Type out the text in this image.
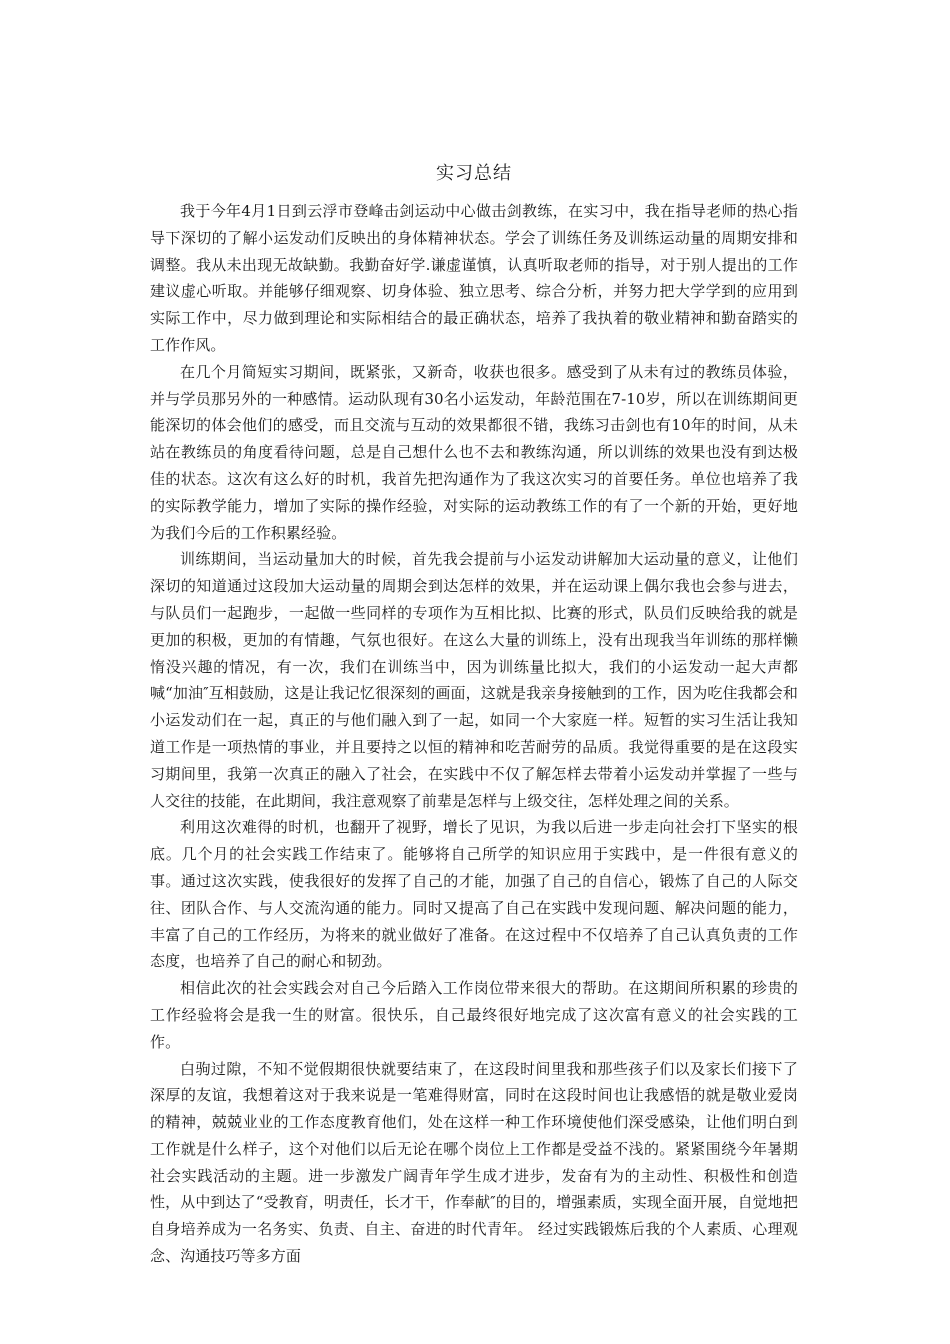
实习总结

我于今年4月1日到云浮市登峰击剑运动中心做击剑教练，在实习中，我在指导老师的热心指导下深切的了解小运发动们反映出的身体精神状态。学会了训练任务及训练运动量的周期安排和调整。我从未出现无故缺勤。我勤奋好学.谦虚谨慎，认真听取老师的指导，对于别人提出的工作建议虚心听取。并能够仔细观察、切身体验、独立思考、综合分析，并努力把大学学到的应用到实际工作中，尽力做到理论和实际相结合的最正确状态，培养了我执着的敬业精神和勤奋踏实的工作作风。

在几个月简短实习期间，既紧张，又新奇，收获也很多。感受到了从未有过的教练员体验，并与学员那另外的一种感情。运动队现有30名小运发动，年龄范围在7-10岁，所以在训练期间更能深切的体会他们的感受，而且交流与互动的效果都很不错，我练习击剑也有10年的时间，从未站在教练员的角度看待问题，总是自己想什么也不去和教练沟通，所以训练的效果也没有到达极佳的状态。这次有这么好的时机，我首先把沟通作为了我这次实习的首要任务。单位也培养了我的实际教学能力，增加了实际的操作经验，对实际的运动教练工作的有了一个新的开始，更好地为我们今后的工作积累经验。

训练期间，当运动量加大的时候，首先我会提前与小运发动讲解加大运动量的意义，让他们深切的知道通过这段加大运动量的周期会到达怎样的效果，并在运动课上偶尔我也会参与进去，与队员们一起跑步，一起做一些同样的专项作为互相比拟、比赛的形式，队员们反映给我的就是更加的积极，更加的有情趣，气氛也很好。在这么大量的训练上，没有出现我当年训练的那样懒惰没兴趣的情况，有一次，我们在训练当中，因为训练量比拟大，我们的小运发动一起大声都喊“加油″互相鼓励，这是让我记忆很深刻的画面，这就是我亲身接触到的工作，因为吃住我都会和小运发动们在一起，真正的与他们融入到了一起，如同一个大家庭一样。短暂的实习生活让我知道工作是一项热情的事业，并且要持之以恒的精神和吃苦耐劳的品质。我觉得重要的是在这段实习期间里，我第一次真正的融入了社会，在实践中不仅了解怎样去带着小运发动并掌握了一些与人交往的技能，在此期间，我注意观察了前辈是怎样与上级交往，怎样处理之间的关系。

利用这次难得的时机，也翻开了视野，增长了见识，为我以后进一步走向社会打下坚实的根底。几个月的社会实践工作结束了。能够将自己所学的知识应用于实践中，是一件很有意义的事。通过这次实践，使我很好的发挥了自己的才能，加强了自己的自信心，锻炼了自己的人际交往、团队合作、与人交流沟通的能力。同时又提高了自己在实践中发现问题、解决问题的能力，丰富了自己的工作经历，为将来的就业做好了准备。在这过程中不仅培养了自己认真负责的工作态度，也培养了自己的耐心和韧劲。

相信此次的社会实践会对自己今后踏入工作岗位带来很大的帮助。在这期间所积累的珍贵的工作经验将会是我一生的财富。很快乐，自己最终很好地完成了这次富有意义的社会实践的工作。

白驹过隙，不知不觉假期很快就要结束了，在这段时间里我和那些孩子们以及家长们接下了深厚的友谊，我想着这对于我来说是一笔难得财富，同时在这段时间也让我感悟的就是敬业爱岗的精神，兢兢业业的工作态度教育他们，处在这样一种工作环境使他们深受感染，让他们明白到工作就是什么样子，这个对他们以后无论在哪个岗位上工作都是受益不浅的。紧紧围绕今年暑期社会实践活动的主题。进一步激发广阔青年学生成才进步，发奋有为的主动性、积极性和创造性，从中到达了“受教育，明责任，长才干，作奉献″的目的，增强素质，实现全面开展，自觉地把自身培养成为一名务实、负责、自主、奋进的时代青年。 经过实践锻炼后我的个人素质、心理观念、沟通技巧等多方面
